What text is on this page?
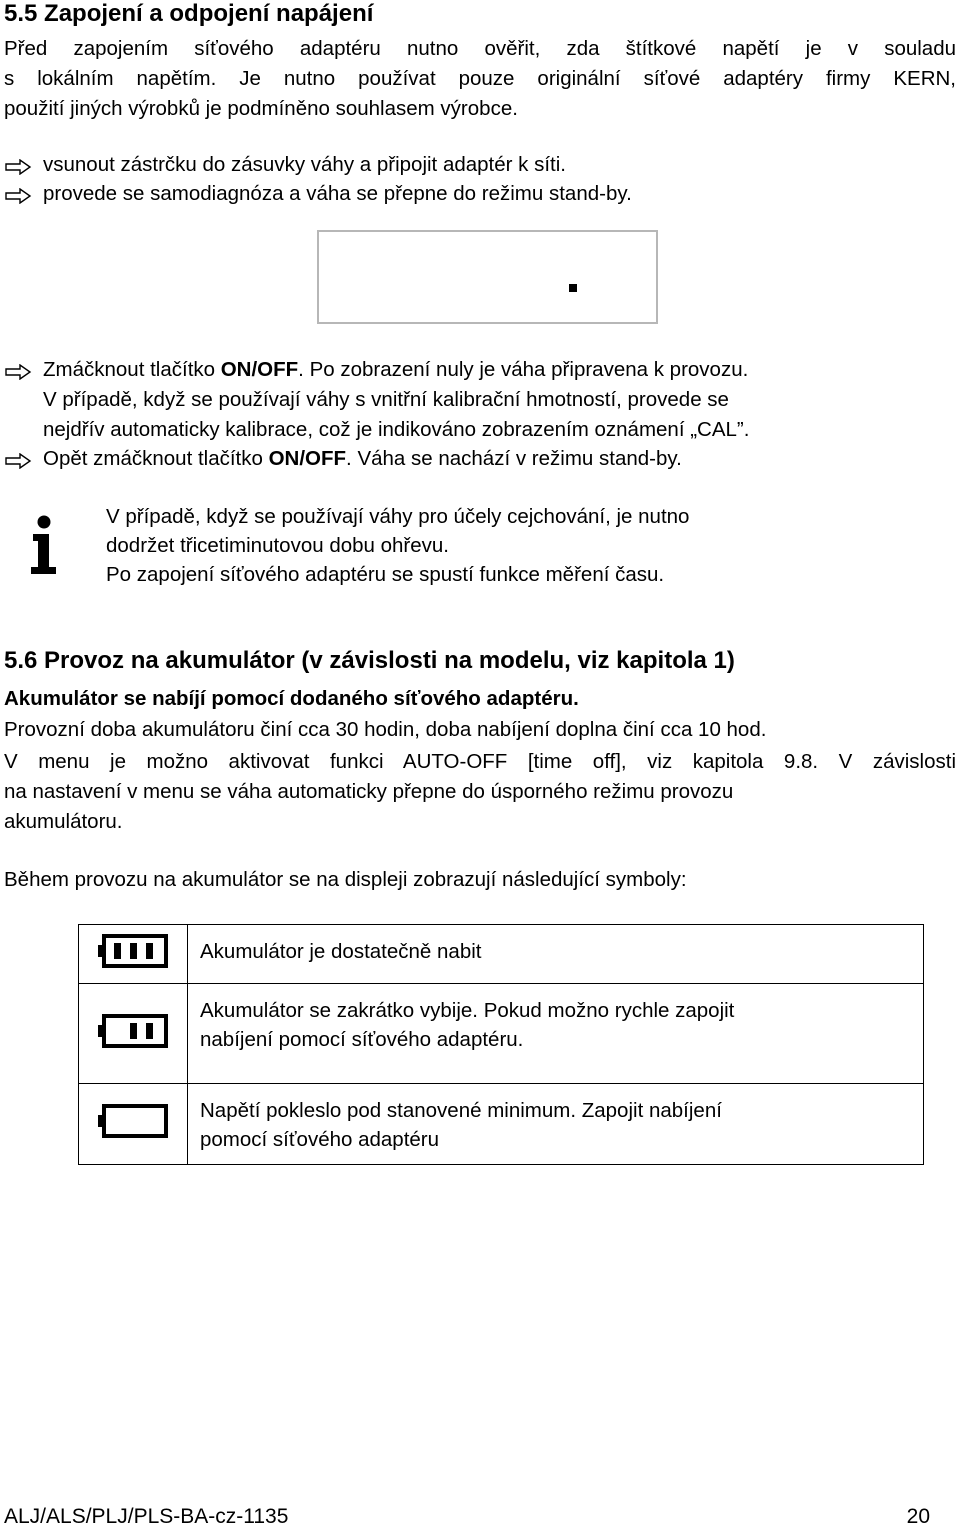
5.5 Zapojení a odpojení napájení
Před zapojením síťového adaptéru nutno ověřit, zda štítkové napětí je v souladu
s lokálním napětím. Je nutno používat pouze originální síťové adaptéry firmy KERN,
použití jiných výrobků je podmíněno souhlasem výrobce.
vsunout zástrčku do zásuvky váhy a připojit adaptér k síti.
provede se samodiagnóza a váha se přepne do režimu stand-by.
Zmáčknout tlačítko ON/OFF. Po zobrazení nuly je váha připravena k provozu.
V případě, když se používají váhy s vnitřní kalibrační hmotností, provede se
nejdřív automaticky kalibrace, což je indikováno zobrazením oznámení „CAL”.
Opět zmáčknout tlačítko ON/OFF. Váha se nachází v režimu stand-by.
V případě, když se používají váhy pro účely cejchování, je nutno
dodržet třicetiminutovou dobu ohřevu.
Po zapojení síťového adaptéru se spustí funkce měření času.
5.6 Provoz na akumulátor (v závislosti na modelu, viz kapitola 1)
Akumulátor se nabíjí pomocí dodaného síťového adaptéru.
Provozní doba akumulátoru činí cca 30 hodin, doba nabíjení doplna činí cca 10 hod.
V menu je možno aktivovat funkci AUTO-OFF [time off], viz kapitola 9.8. V závislosti
na nastavení v menu se váha automaticky přepne do úsporného režimu provozu
akumulátoru.
Během provozu na akumulátor se na displeji zobrazují následující symboly:

Akumulátor je dostatečně nabit

Akumulátor se zakrátko vybije. Pokud možno rychle zapojit
nabíjení pomocí síťového adaptéru.

Napětí pokleslo pod stanovené minimum. Zapojit nabíjení
pomocí síťového adaptéru
ALJ/ALS/PLJ/PLS-BA-cz-1135	20
